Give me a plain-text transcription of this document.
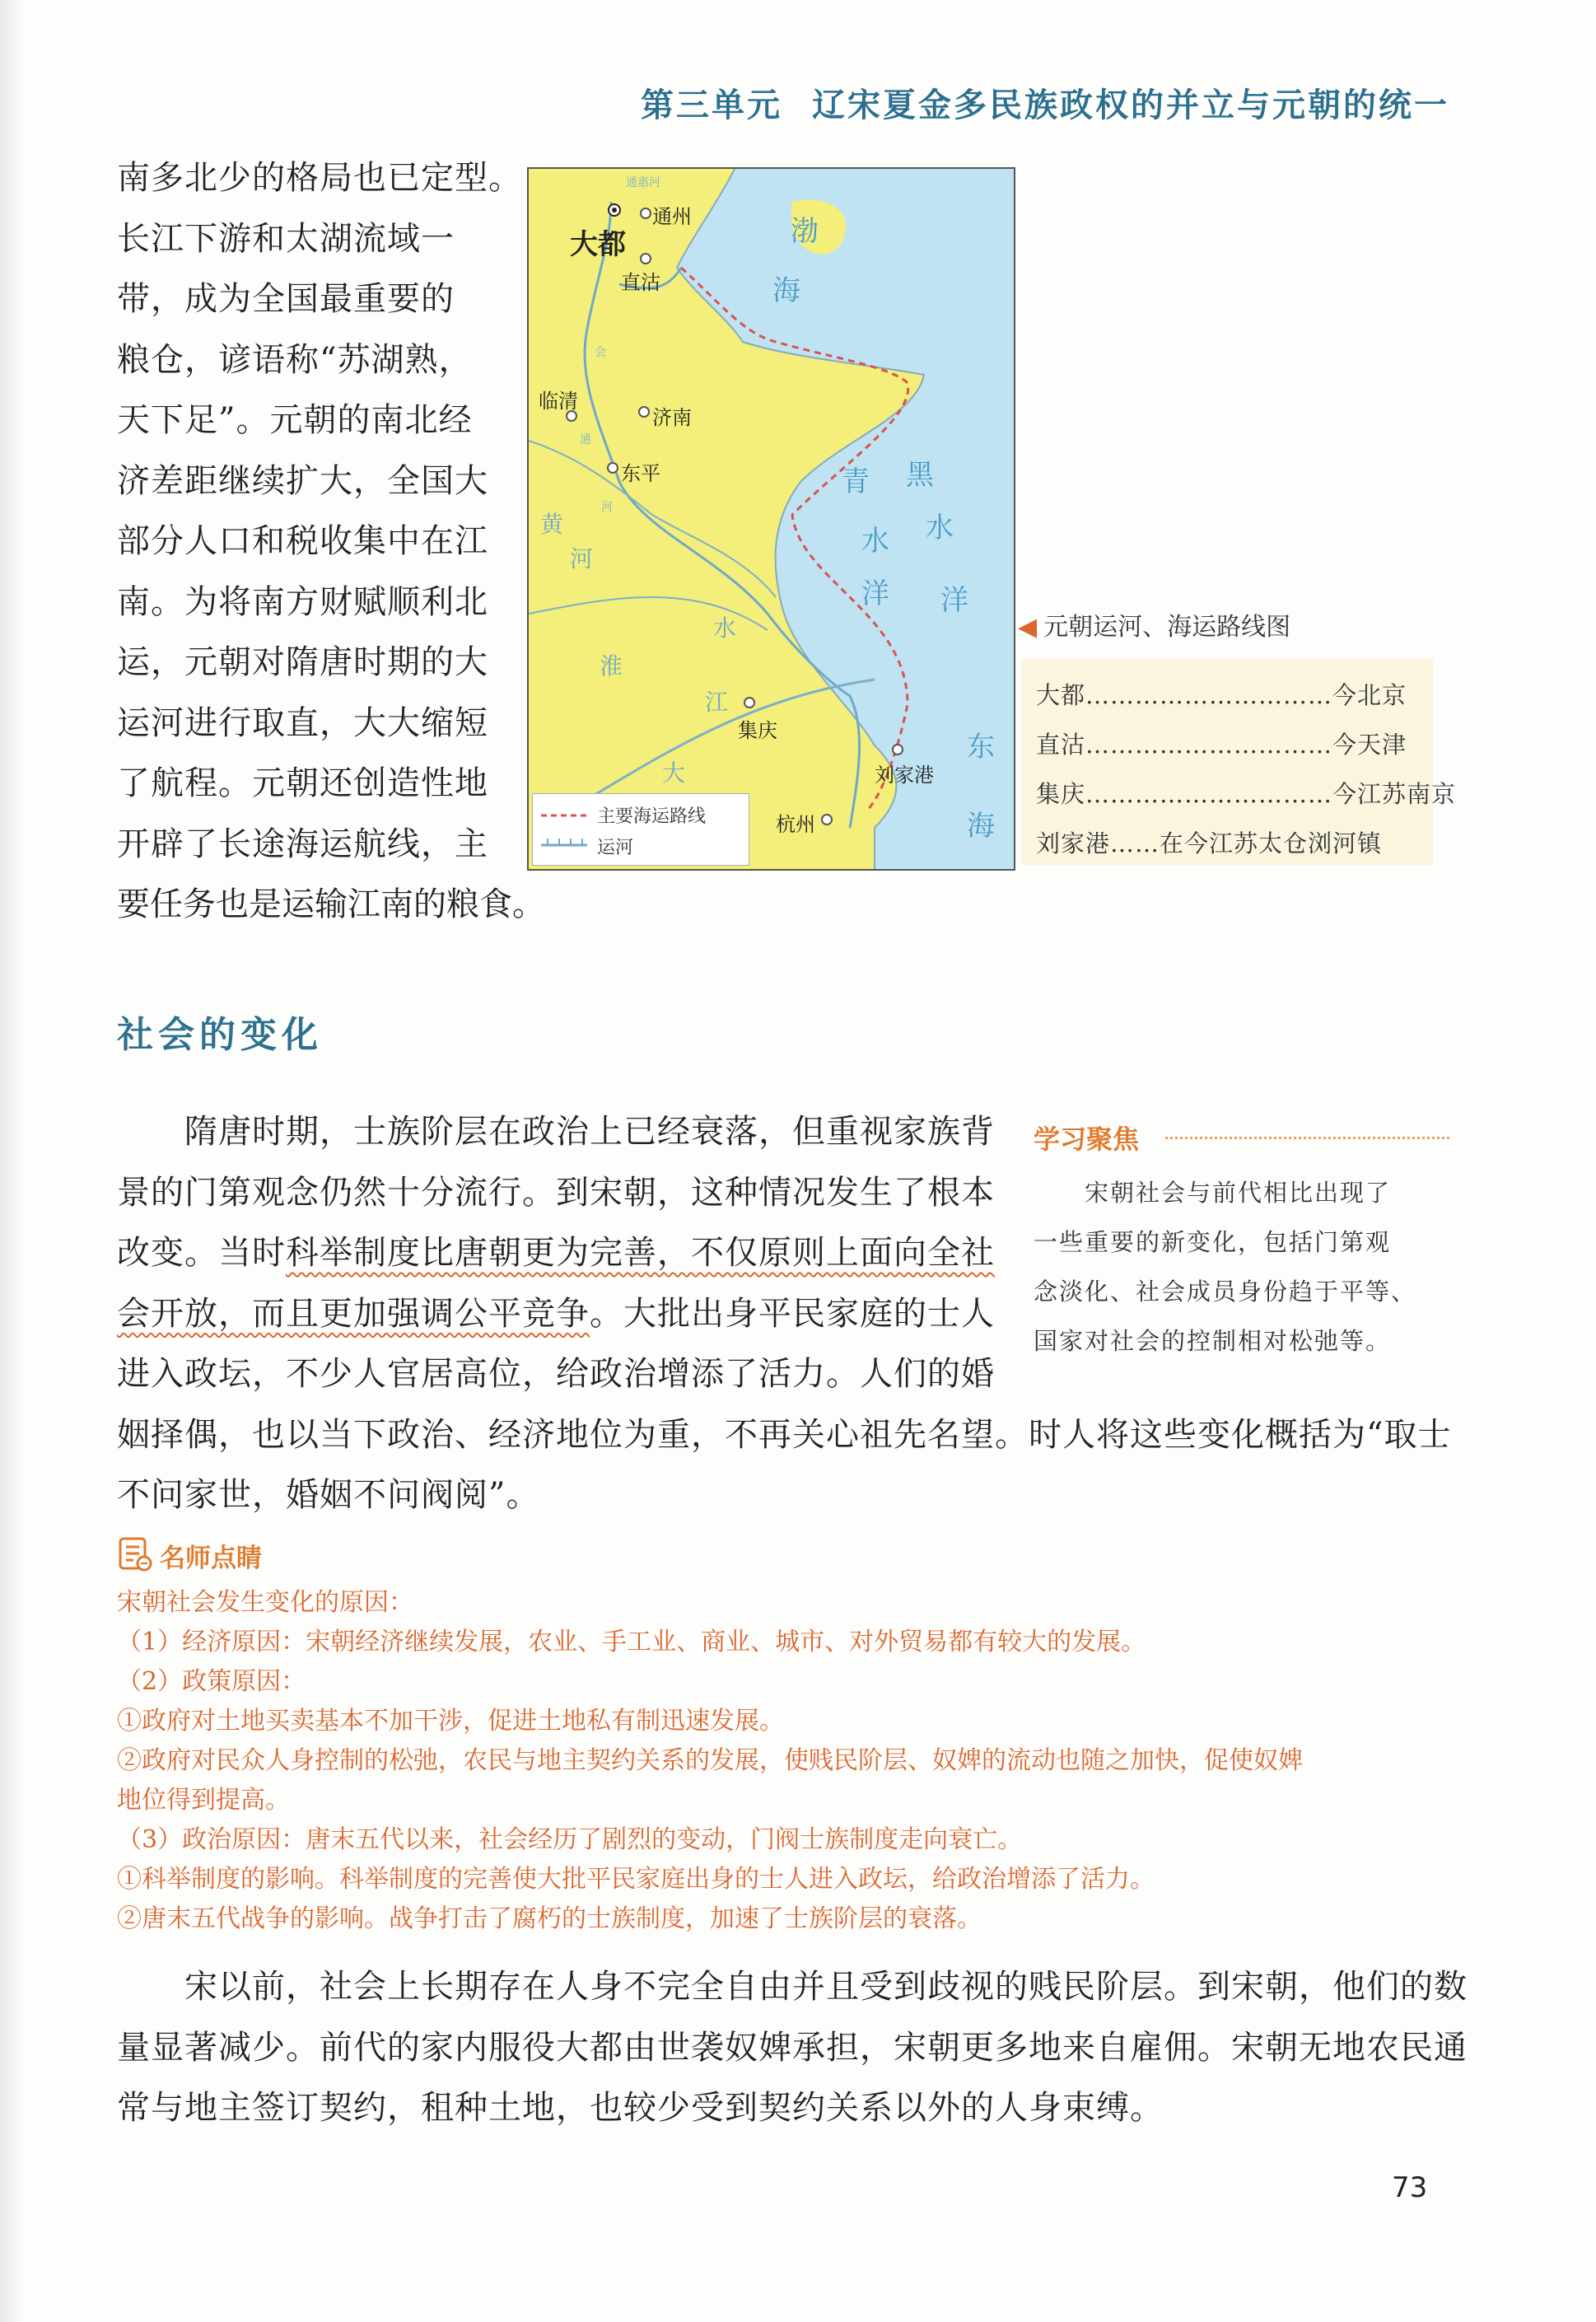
第三单元 辽宋夏金多民族政权的并立与元朝的统一

南多北少的格局也已定型。

长江下游和太湖流域一

带，成为全国最重要的

粮仓，谚语称“苏湖熟，

天下足”。元朝的南北经

济差距继续扩大，全国大

部分人口和税收集中在江

南。为将南方财赋顺利北

运，元朝对隋唐时期的大

运河进行取直，大大缩短

了航程。元朝还创造性地

开辟了长途海运航线，主

要任务也是运输江南的粮食。
通惠河
通州
大都
直沽
临清
济南
东平
集庆
刘家港
杭州
会
通
河
黄
河
淮
水
江
大
渤
海
青 黑
水 水
洋 洋
东
海
主要海运路线
运河
◀ 元朝运河、海运路线图
大都…………………………今北京
直沽…………………………今天津
集庆…………………………今江苏南京
刘家港……在今江苏太仓浏河镇
社会的变化

隋唐时期，士族阶层在政治上已经衰落，但重视家族背

景的门第观念仍然十分流行。到宋朝，这种情况发生了根本

改变。当时科举制度比唐朝更为完善，不仅原则上面向全社

会开放，而且更加强调公平竞争。大批出身平民家庭的士人

进入政坛，不少人官居高位，给政治增添了活力。人们的婚

姻择偶，也以当下政治、经济地位为重，不再关心祖先名望。时人将这些变化概括为“取士

不问家世，婚姻不问阀阅”。

学习聚焦

宋朝社会与前代相比出现了

一些重要的新变化，包括门第观

念淡化、社会成员身份趋于平等、

国家对社会的控制相对松弛等。

名师点睛

宋朝社会发生变化的原因：

（1）经济原因：宋朝经济继续发展，农业、手工业、商业、城市、对外贸易都有较大的发展。

（2）政策原因：

①政府对土地买卖基本不加干涉，促进土地私有制迅速发展。

②政府对民众人身控制的松弛，农民与地主契约关系的发展，使贱民阶层、奴婢的流动也随之加快，促使奴婢

地位得到提高。

（3）政治原因：唐末五代以来，社会经历了剧烈的变动，门阀士族制度走向衰亡。

①科举制度的影响。科举制度的完善使大批平民家庭出身的士人进入政坛，给政治增添了活力。

②唐末五代战争的影响。战争打击了腐朽的士族制度，加速了士族阶层的衰落。

宋以前，社会上长期存在人身不完全自由并且受到歧视的贱民阶层。到宋朝，他们的数

量显著减少。前代的家内服役大都由世袭奴婢承担，宋朝更多地来自雇佣。宋朝无地农民通

常与地主签订契约，租种土地，也较少受到契约关系以外的人身束缚。

73
